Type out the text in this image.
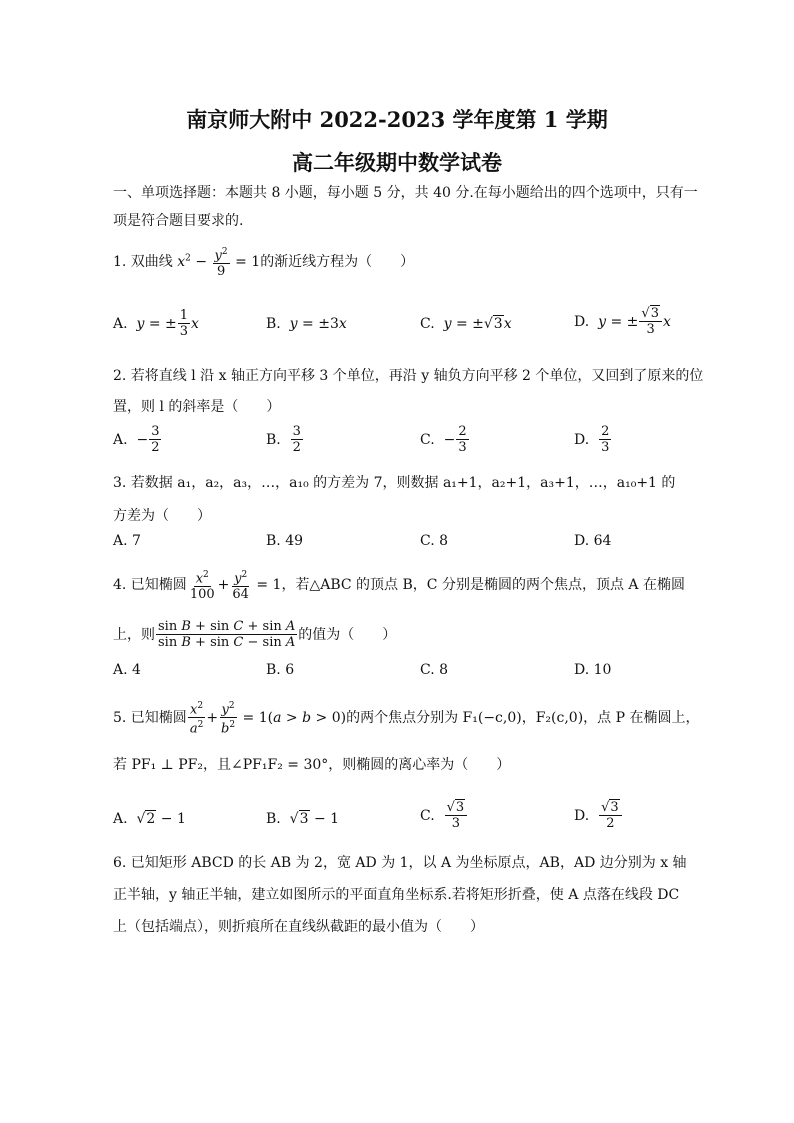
南京师大附中 2022-2023 学年度第 1 学期
高二年级期中数学试卷
一、单项选择题：本题共 8 小题，每小题 5 分，共 40 分.在每小题给出的四个选项中，只有一
项是符合题目要求的.
1. 双曲线 $x^2 - \frac{y^2}{9} = 1$ 的渐近线方程为（　　）
A.
y = ± $\frac{1}{3}$ x	B. y = ±3x	C. y = ±√3x	D.
y = ± $\frac{√3}{3}$ x
2. 若将直线 l 沿 x 轴正方向平移 3 个单位，再沿 y 轴负方向平移 2 个单位，又回到了原来的位
置，则 l 的斜率是（　　）
A. − $\frac{3}{2}$	B.
$\frac{3}{2}$	C. − $\frac{2}{3}$	D.
$\frac{2}{3}$
3. 若数据 a₁，a₂，a₃，…，a₁₀ 的方差为 7，则数据 a₁+1，a₂+1，a₃+1，…，a₁₀+1 的
方差为（　　）
A. 7	B. 49	C. 8	D. 64
4. 已知椭圆 $\frac{x^2}{100} + \frac{y^2}{64} = 1$ ，若△ABC 的顶点 B，C 分别是椭圆的两个焦点，顶点 A 在椭圆
上，则 $\frac{\text{sin B + sin C + sin A}}{\text{sin B + sin C − sin A}}$ 的值为（　　）
A. 4	B. 6	C. 8	D. 10
5. 已知椭圆 $\frac{x^2}{a^2} + \frac{y^2}{b^2} = 1(a > b > 0)$ 的两个焦点分别为 F₁(−c,0)，F₂(c,0)，点 P 在椭圆上，
若 PF₁ ⊥ PF₂，且∠PF₁F₂ = 30°，则椭圆的离心率为（　　）
A.  √2 − 1	B.  √3 − 1	C.
$\frac{√3}{3}$	D.
$\frac{√3}{2}$
6. 已知矩形 ABCD 的长 AB 为 2，宽 AD 为 1，以 A 为坐标原点，AB，AD 边分别为 x 轴
正半轴，y 轴正半轴，建立如图所示的平面直角坐标系.若将矩形折叠，使 A 点落在线段 DC
上（包括端点），则折痕所在直线纵截距的最小值为（　　）
